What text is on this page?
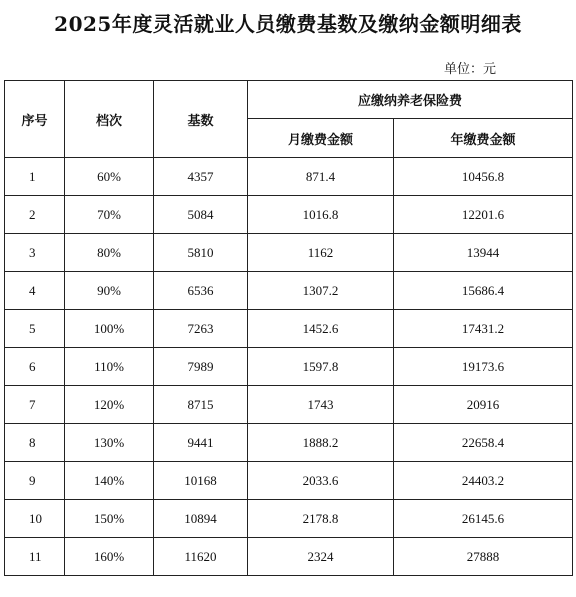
2025年度灵活就业人员缴费基数及缴纳金额明细表
单位：元
序号	档次	基数	应缴纳养老保险费	
			月缴费金额	年缴费金额
1	60%	4357	871.4	10456.8
2	70%	5084	1016.8	12201.6
3	80%	5810	1162	13944
4	90%	6536	1307.2	15686.4
5	100%	7263	1452.6	17431.2
6	110%	7989	1597.8	19173.6
7	120%	8715	1743	20916
8	130%	9441	1888.2	22658.4
9	140%	10168	2033.6	24403.2
10	150%	10894	2178.8	26145.6
11	160%	11620	2324	27888
